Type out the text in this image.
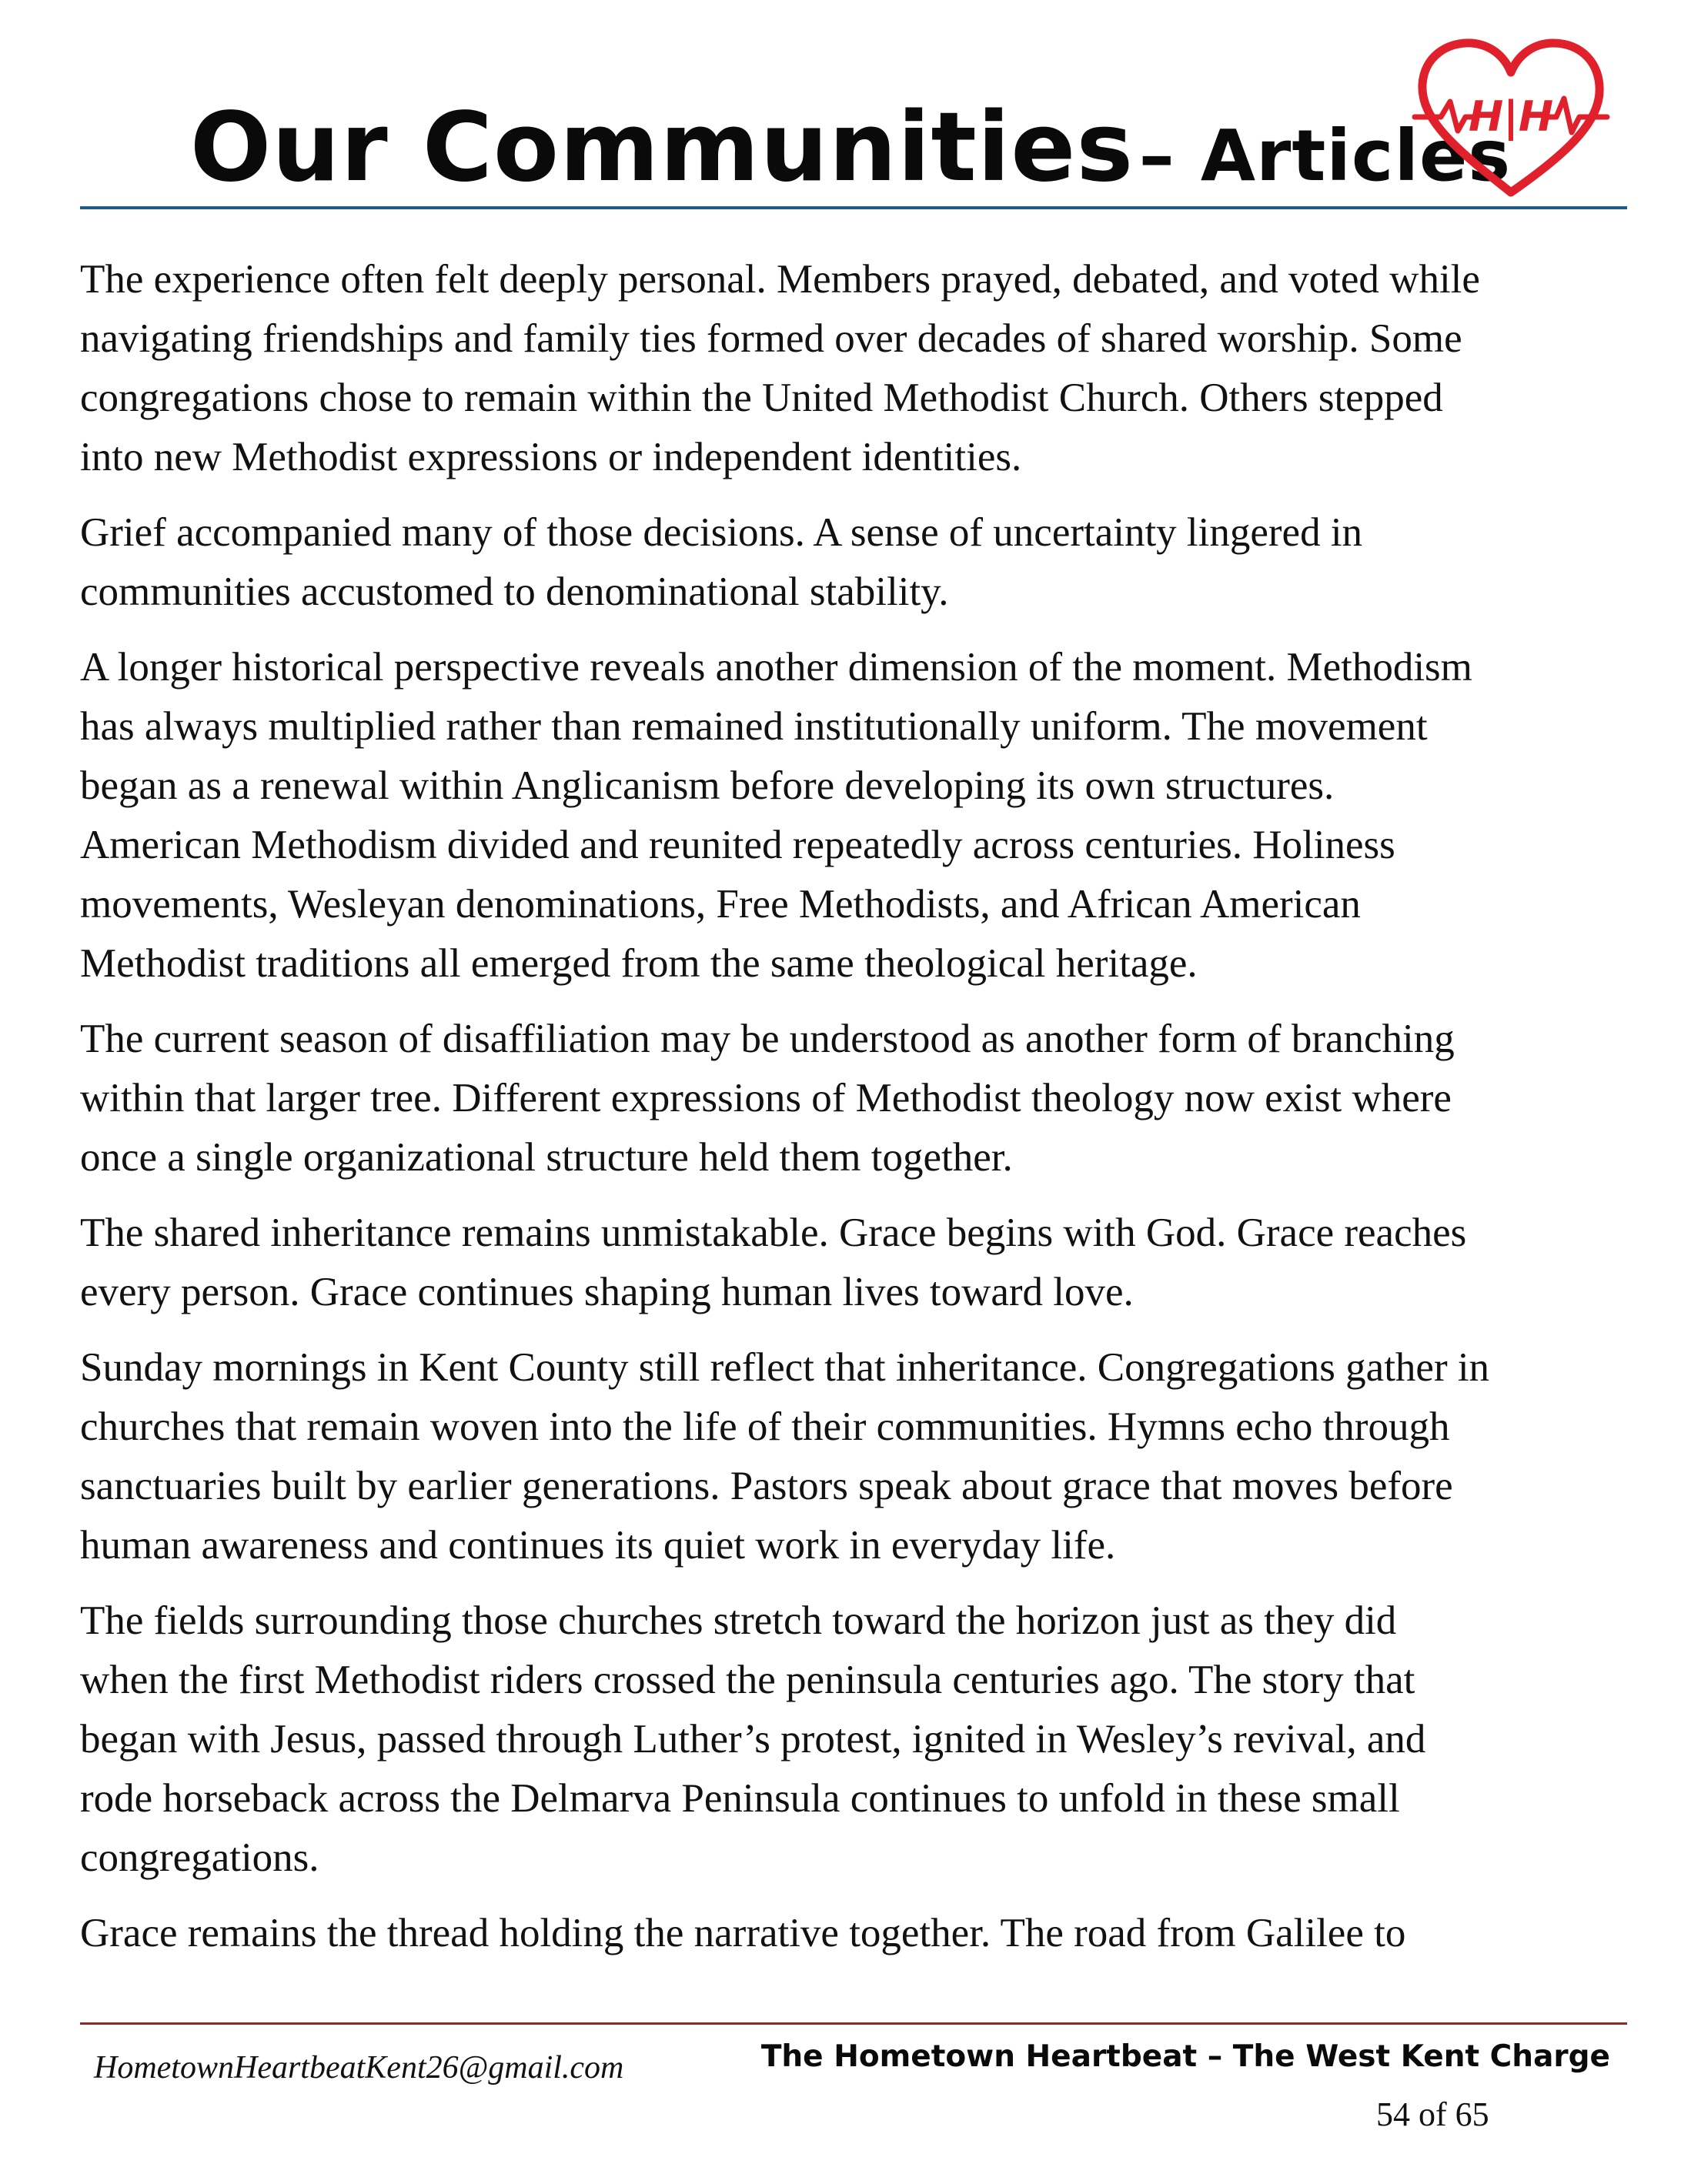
Our Communities – Articles
H|H

The experience often felt deeply personal. Members prayed, debated, and voted while
navigating friendships and family ties formed over decades of shared worship. Some
congregations chose to remain within the United Methodist Church. Others stepped
into new Methodist expressions or independent identities.

Grief accompanied many of those decisions. A sense of uncertainty lingered in
communities accustomed to denominational stability.

A longer historical perspective reveals another dimension of the moment. Methodism
has always multiplied rather than remained institutionally uniform. The movement
began as a renewal within Anglicanism before developing its own structures.
American Methodism divided and reunited repeatedly across centuries. Holiness
movements, Wesleyan denominations, Free Methodists, and African American
Methodist traditions all emerged from the same theological heritage.

The current season of disaffiliation may be understood as another form of branching
within that larger tree. Different expressions of Methodist theology now exist where
once a single organizational structure held them together.

The shared inheritance remains unmistakable. Grace begins with God. Grace reaches
every person. Grace continues shaping human lives toward love.

Sunday mornings in Kent County still reflect that inheritance. Congregations gather in
churches that remain woven into the life of their communities. Hymns echo through
sanctuaries built by earlier generations. Pastors speak about grace that moves before
human awareness and continues its quiet work in everyday life.

The fields surrounding those churches stretch toward the horizon just as they did
when the first Methodist riders crossed the peninsula centuries ago. The story that
began with Jesus, passed through Luther’s protest, ignited in Wesley’s revival, and
rode horseback across the Delmarva Peninsula continues to unfold in these small
congregations.

Grace remains the thread holding the narrative together. The road from Galilee to

HometownHeartbeatKent26@gmail.com	The Hometown Heartbeat – The West Kent Charge
54 of 65
